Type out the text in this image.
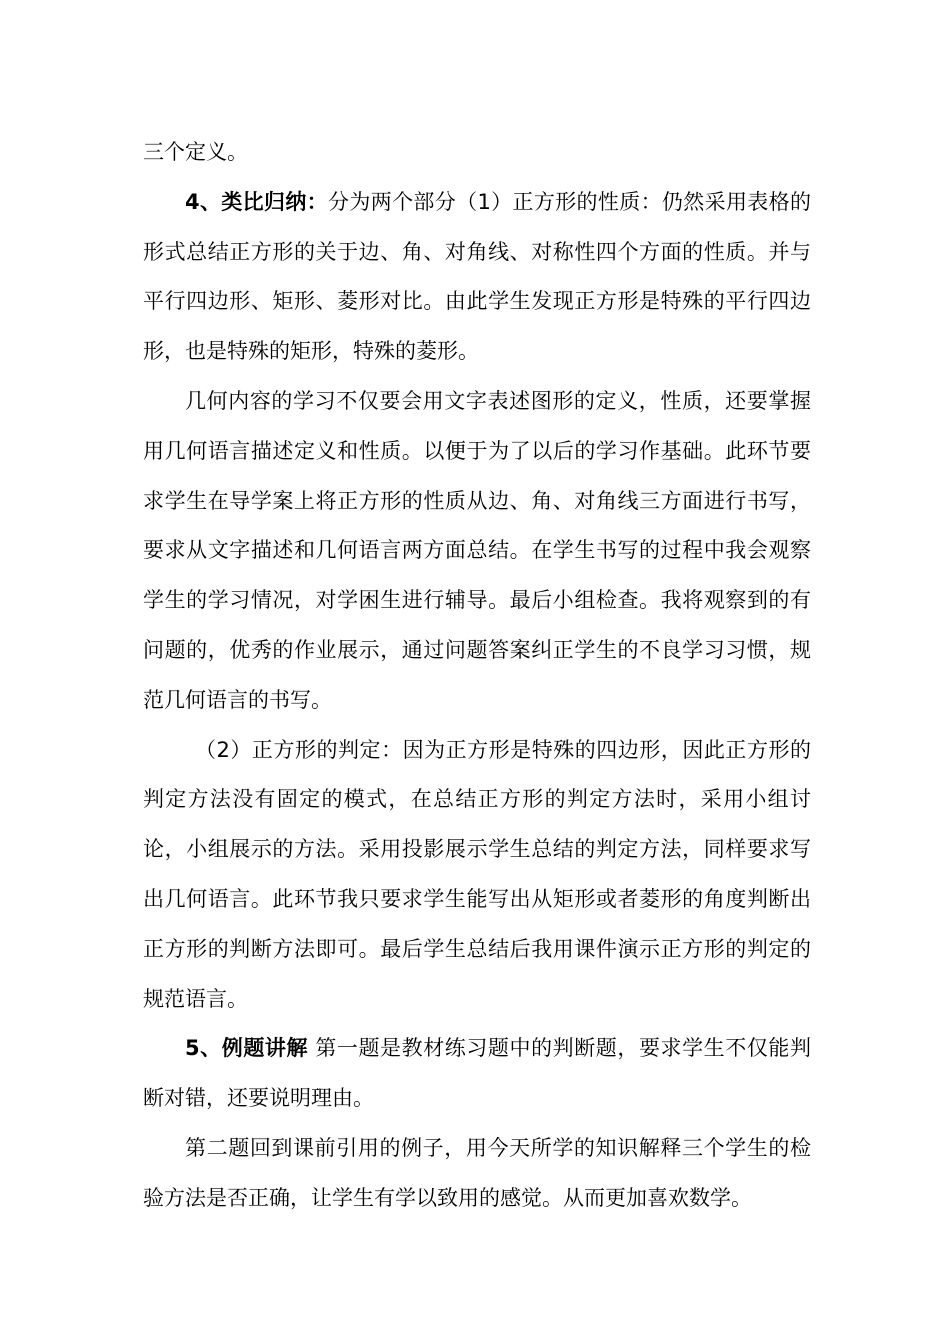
三个定义。

4、类比归纳：分为两个部分（1）正方形的性质：仍然采用表格的形式总结正方形的关于边、角、对角线、对称性四个方面的性质。并与平行四边形、矩形、菱形对比。由此学生发现正方形是特殊的平行四边形，也是特殊的矩形，特殊的菱形。

几何内容的学习不仅要会用文字表述图形的定义，性质，还要掌握用几何语言描述定义和性质。以便于为了以后的学习作基础。此环节要求学生在导学案上将正方形的性质从边、角、对角线三方面进行书写，要求从文字描述和几何语言两方面总结。在学生书写的过程中我会观察学生的学习情况，对学困生进行辅导。最后小组检查。我将观察到的有问题的，优秀的作业展示，通过问题答案纠正学生的不良学习习惯，规范几何语言的书写。

（2）正方形的判定：因为正方形是特殊的四边形，因此正方形的判定方法没有固定的模式，在总结正方形的判定方法时，采用小组讨论，小组展示的方法。采用投影展示学生总结的判定方法，同样要求写出几何语言。此环节我只要求学生能写出从矩形或者菱形的角度判断出正方形的判断方法即可。最后学生总结后我用课件演示正方形的判定的规范语言。

5、例题讲解 第一题是教材练习题中的判断题，要求学生不仅能判断对错，还要说明理由。

第二题回到课前引用的例子，用今天所学的知识解释三个学生的检验方法是否正确，让学生有学以致用的感觉。从而更加喜欢数学。
